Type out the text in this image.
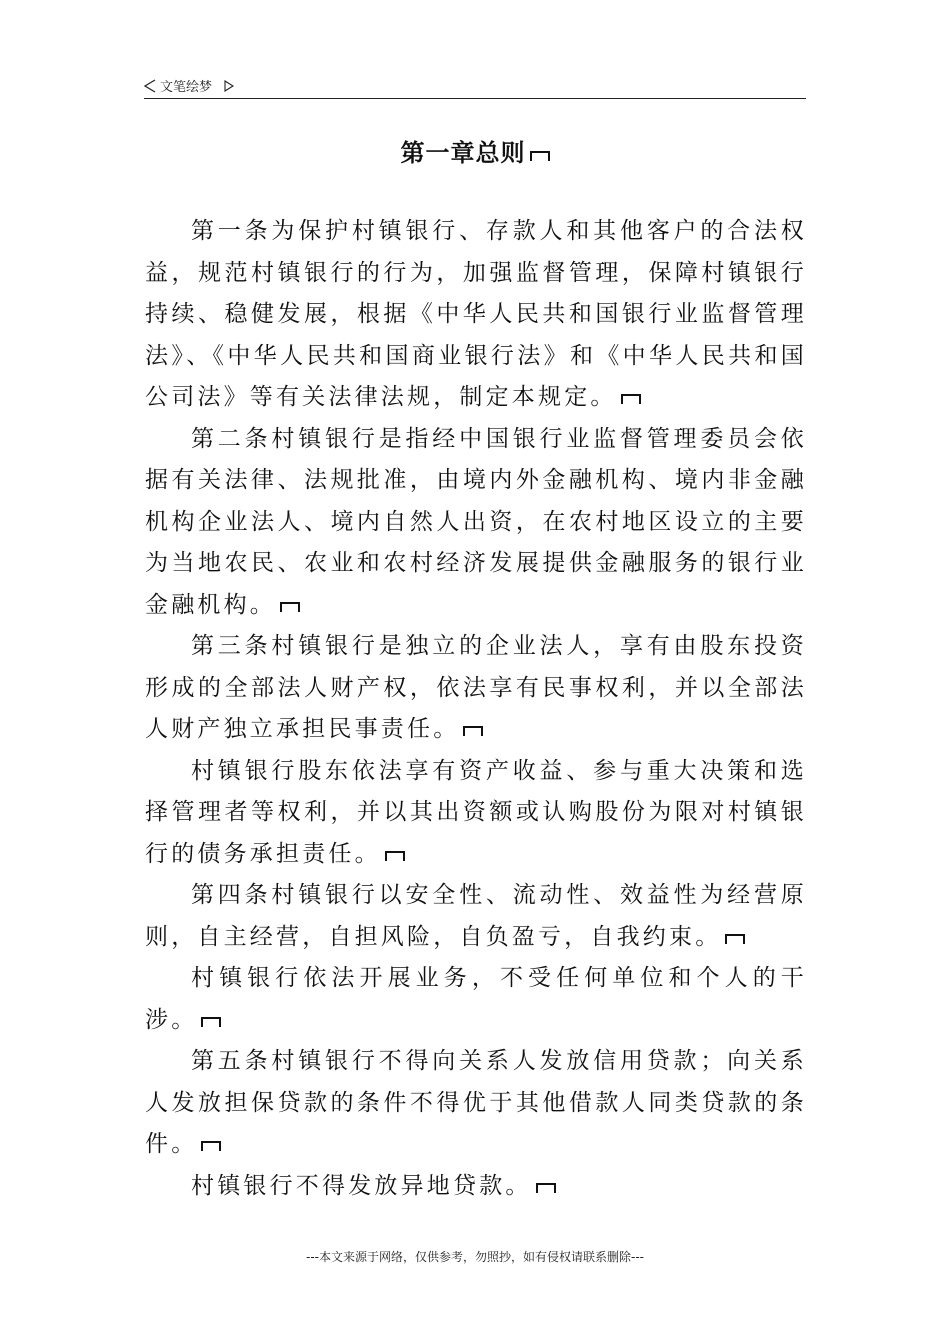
文笔绘梦
第一章总则

第一条为保护村镇银行、存款人和其他客户的合法权益，规范村镇银行的行为，加强监督管理，保障村镇银行持续、稳健发展，根据《中华人民共和国银行业监督管理法》、《中华人民共和国商业银行法》和《中华人民共和国公司法》等有关法律法规，制定本规定。

第二条村镇银行是指经中国银行业监督管理委员会依据有关法律、法规批准，由境内外金融机构、境内非金融机构企业法人、境内自然人出资，在农村地区设立的主要为当地农民、农业和农村经济发展提供金融服务的银行业金融机构。

第三条村镇银行是独立的企业法人，享有由股东投资形成的全部法人财产权，依法享有民事权利，并以全部法人财产独立承担民事责任。

村镇银行股东依法享有资产收益、参与重大决策和选择管理者等权利，并以其出资额或认购股份为限对村镇银行的债务承担责任。

第四条村镇银行以安全性、流动性、效益性为经营原则，自主经营，自担风险，自负盈亏，自我约束。

村镇银行依法开展业务，不受任何单位和个人的干涉。

第五条村镇银行不得向关系人发放信用贷款；向关系人发放担保贷款的条件不得优于其他借款人同类贷款的条件。

村镇银行不得发放异地贷款。

---本文来源于网络，仅供参考，勿照抄，如有侵权请联系删除---
